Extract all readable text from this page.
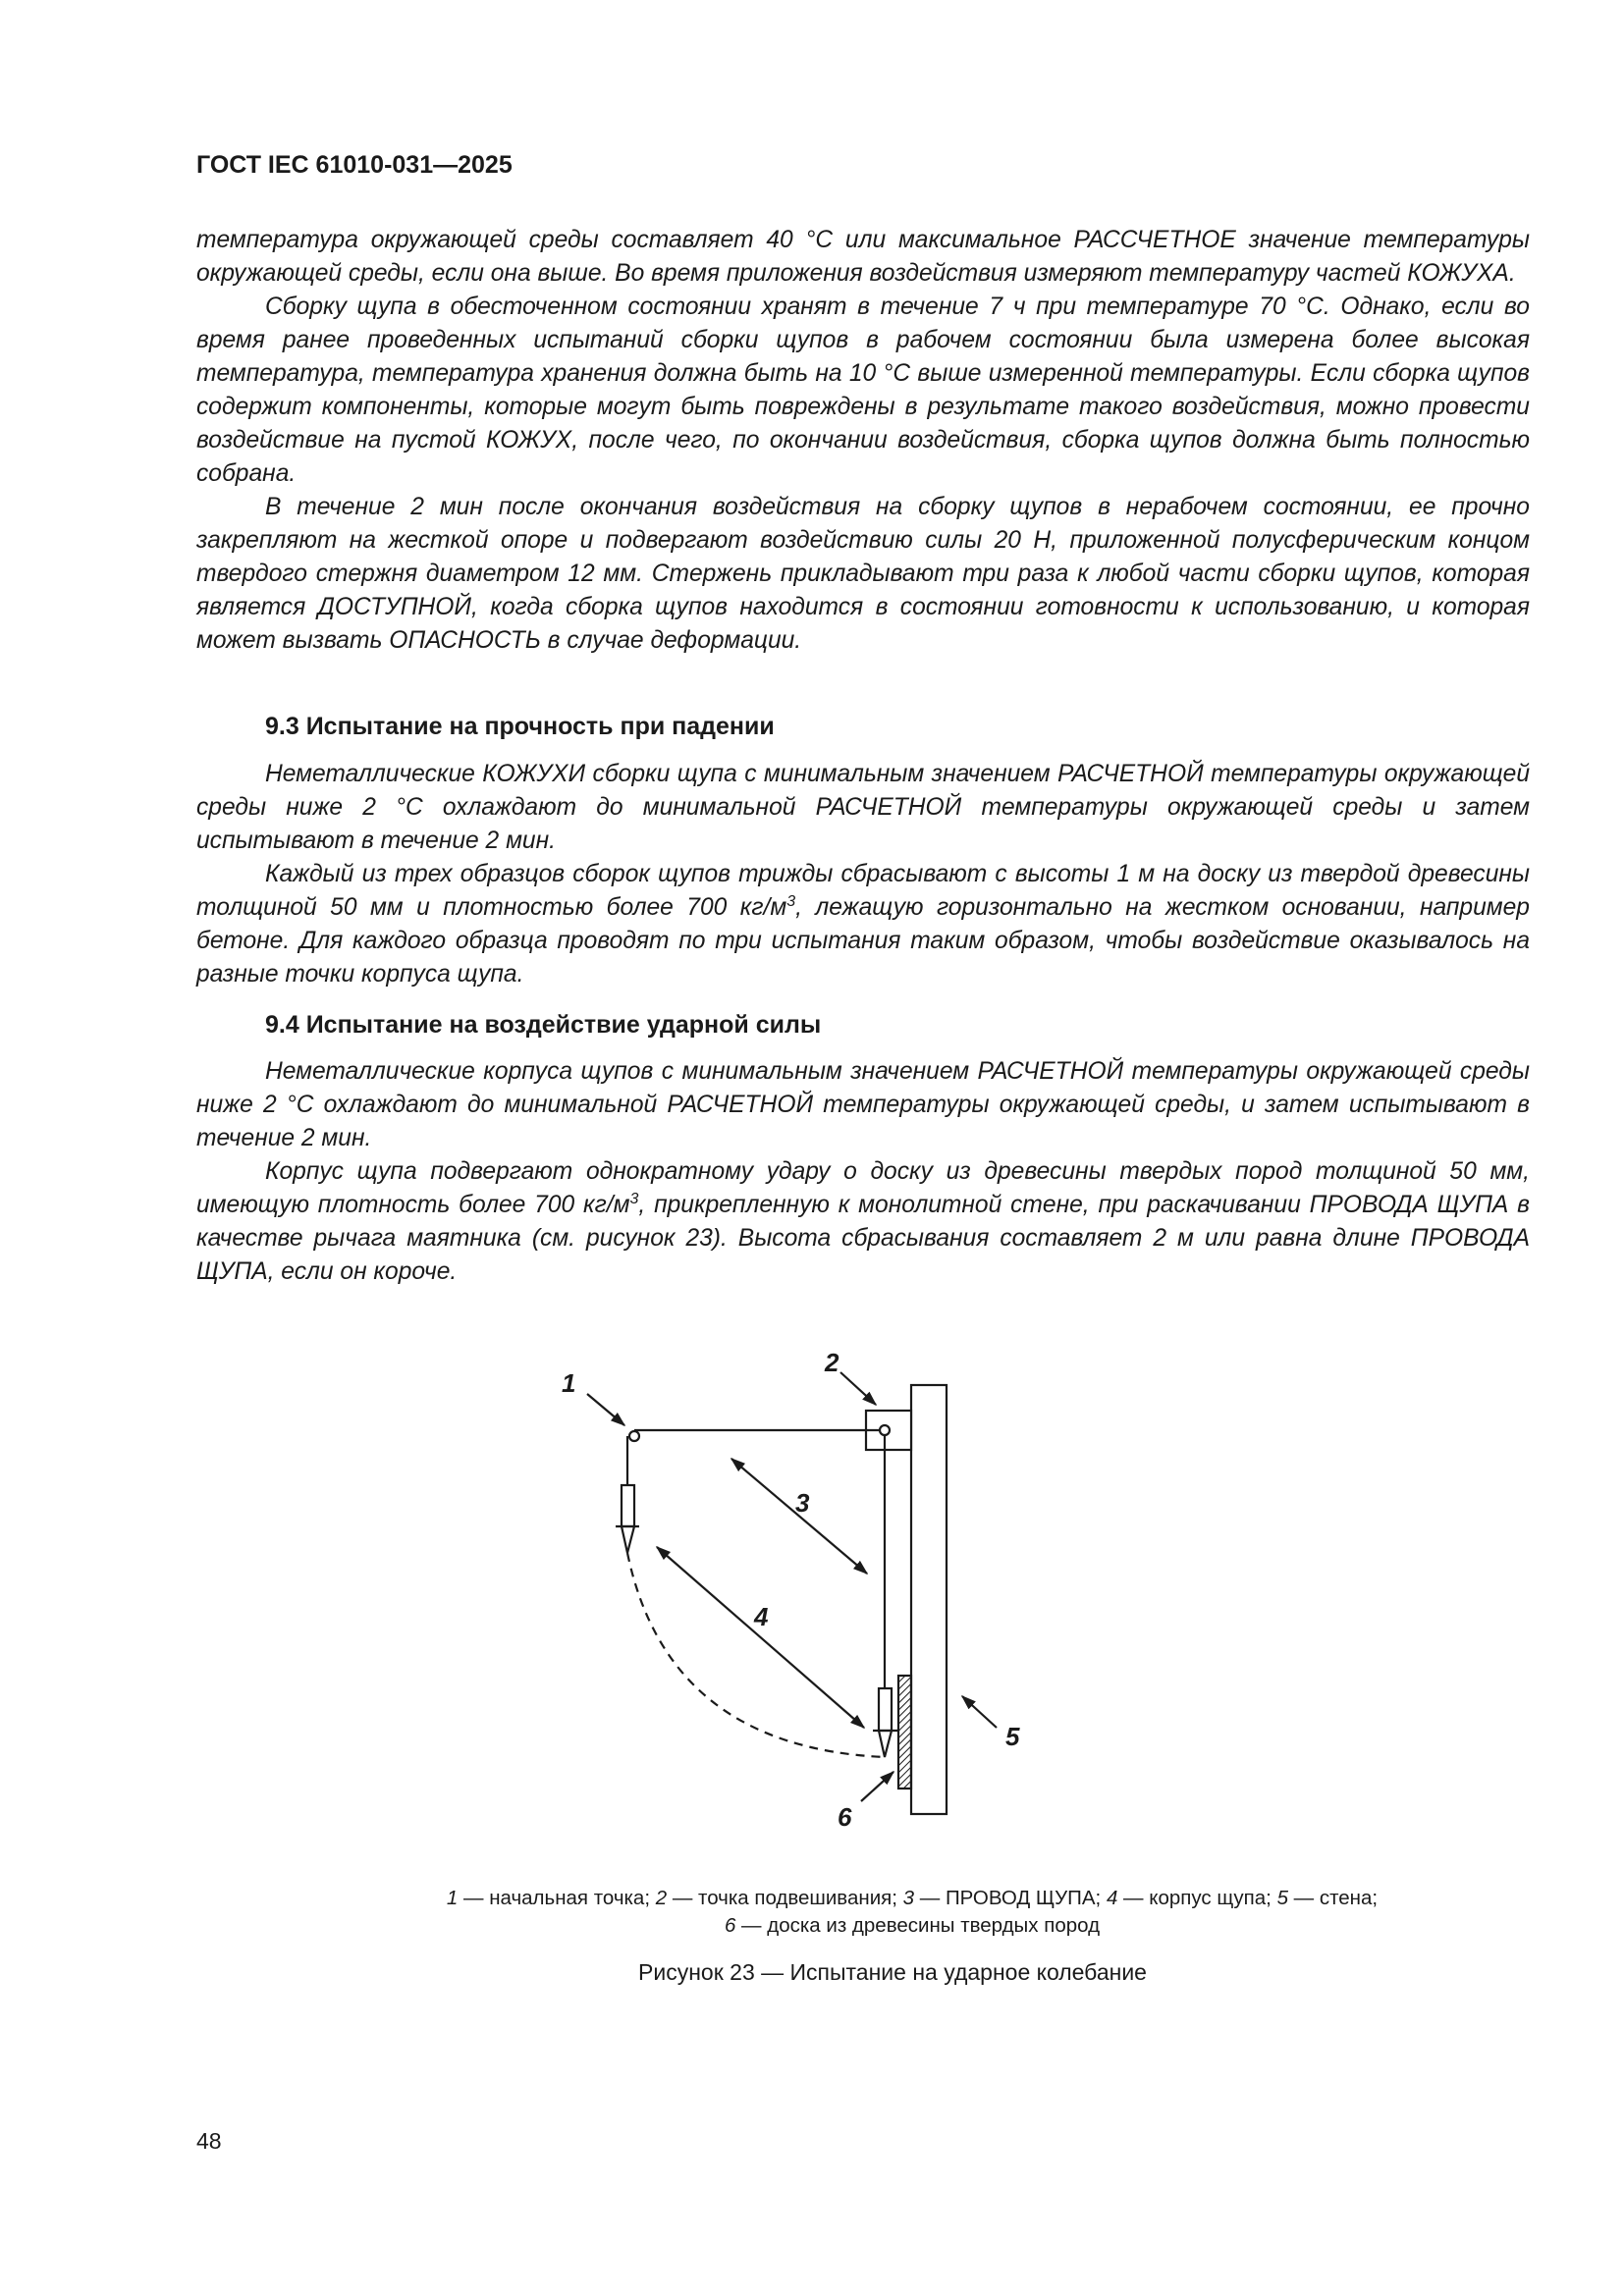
ГОСТ IEC 61010-031—2025

температура окружающей среды составляет 40 °С или максимальное РАССЧЕТНОЕ значение температуры окружающей среды, если она выше. Во время приложения воздействия измеряют температуру частей КОЖУХА.

Сборку щупа в обесточенном состоянии хранят в течение 7 ч при температуре 70 °С. Однако, если во время ранее проведенных испытаний сборки щупов в рабочем состоянии была измерена более высокая температура, температура хранения должна быть на 10 °С выше измеренной температуры. Если сборка щупов содержит компоненты, которые могут быть повреждены в результате такого воздействия, можно провести воздействие на пустой КОЖУХ, после чего, по окончании воздействия, сборка щупов должна быть полностью собрана.

В течение 2 мин после окончания воздействия на сборку щупов в нерабочем состоянии, ее прочно закрепляют на жесткой опоре и подвергают воздействию силы 20 Н, приложенной полусферическим концом твердого стержня диаметром 12 мм. Стержень прикладывают три раза к любой части сборки щупов, которая является ДОСТУПНОЙ, когда сборка щупов находится в состоянии готовности к использованию, и которая может вызвать ОПАСНОСТЬ в случае деформации.

9.3 Испытание на прочность при падении

Неметаллические КОЖУХИ сборки щупа с минимальным значением РАСЧЕТНОЙ температуры окружающей среды ниже 2 °С охлаждают до минимальной РАСЧЕТНОЙ температуры окружающей среды и затем испытывают в течение 2 мин.

Каждый из трех образцов сборок щупов трижды сбрасывают с высоты 1 м на доску из твердой древесины толщиной 50 мм и плотностью более 700 $кг/м^3$, лежащую горизонтально на жестком основании, например бетоне. Для каждого образца проводят по три испытания таким образом, чтобы воздействие оказывалось на разные точки корпуса щупа.

9.4 Испытание на воздействие ударной силы

Неметаллические корпуса щупов с минимальным значением РАСЧЕТНОЙ температуры окружающей среды ниже 2 °С охлаждают до минимальной РАСЧЕТНОЙ температуры окружающей среды, и затем испытывают в течение 2 мин.

Корпус щупа подвергают однократному удару о доску из древесины твердых пород толщиной 50 мм, имеющую плотность более 700 $кг/м^3$, прикрепленную к монолитной стене, при раскачивании ПРОВОДА ЩУПА в качестве рычага маятника (см. рисунок 23). Высота сбрасывания составляет 2 м или равна длине ПРОВОДА ЩУПА, если он короче.

1
2
3
4
5
6
1 — начальная точка; 2 — точка подвешивания; 3 — ПРОВОД ЩУПА; 4 — корпус щупа; 5 — стена;
6 — доска из древесины твердых пород
Рисунок 23 — Испытание на ударное колебание
48
